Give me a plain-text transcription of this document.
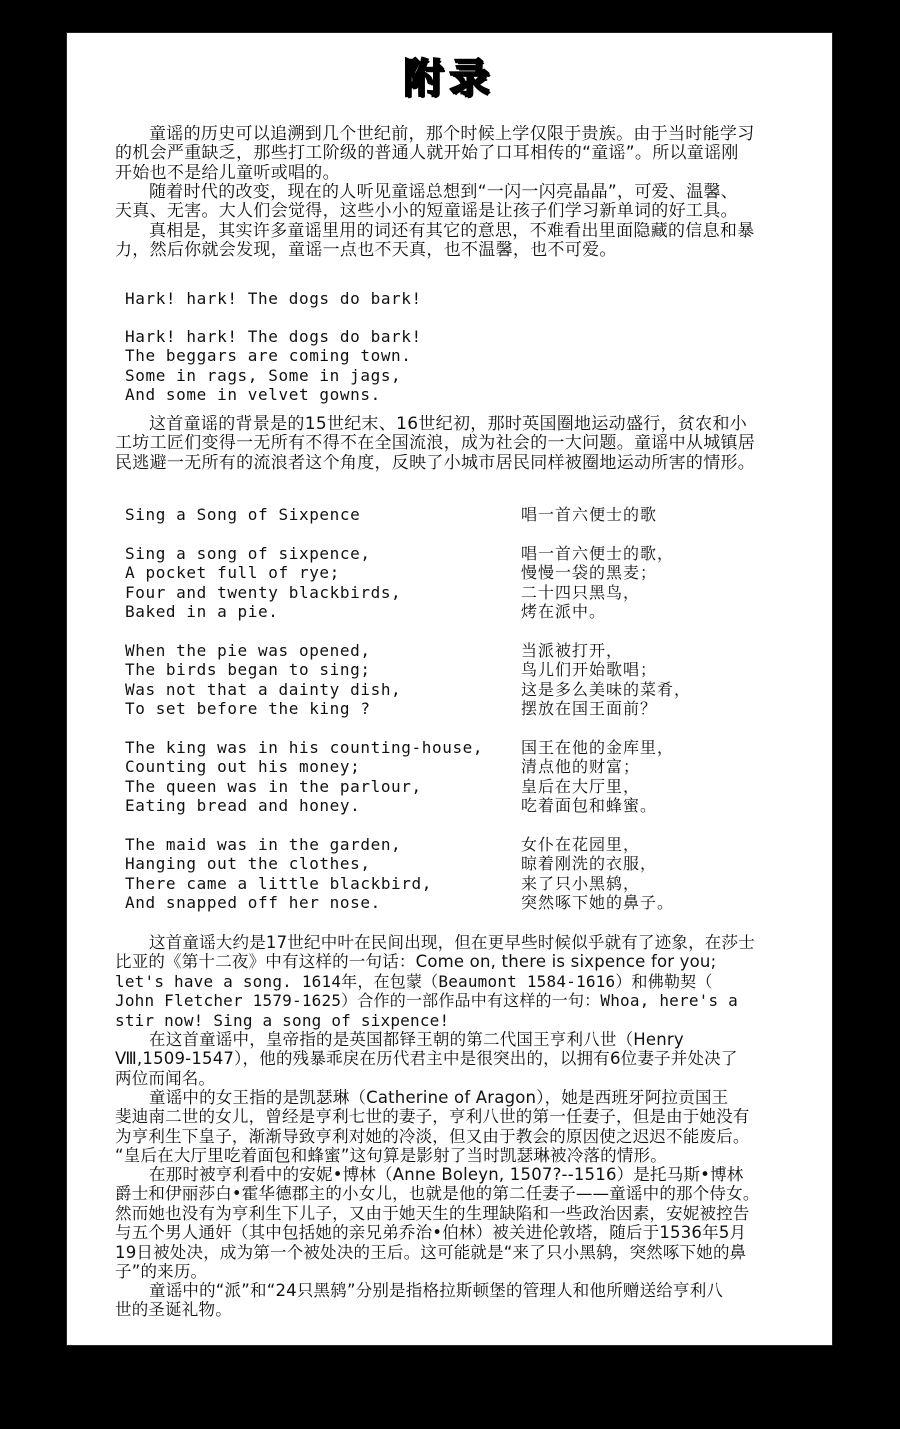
附录
童谣的历史可以追溯到几个世纪前，那个时候上学仅限于贵族。由于当时能学习
的机会严重缺乏，那些打工阶级的普通人就开始了口耳相传的“童谣”。所以童谣刚
开始也不是给儿童听或唱的。
随着时代的改变，现在的人听见童谣总想到“一闪一闪亮晶晶”，可爱、温馨、
天真、无害。大人们会觉得，这些小小的短童谣是让孩子们学习新单词的好工具。
真相是，其实许多童谣里用的词还有其它的意思，不难看出里面隐藏的信息和暴
力，然后你就会发现，童谣一点也不天真，也不温馨，也不可爱。
Hark! hark! The dogs do bark!
Hark! hark! The dogs do bark!
The beggars are coming town.
Some in rags, Some in jags,
And some in velvet gowns.
这首童谣的背景是的15世纪末、16世纪初，那时英国圈地运动盛行，贫农和小
工坊工匠们变得一无所有不得不在全国流浪，成为社会的一大问题。童谣中从城镇居
民逃避一无所有的流浪者这个角度，反映了小城市居民同样被圈地运动所害的情形。
Sing a Song of Sixpence	唱一首六便士的歌
Sing a song of sixpence,
A pocket full of rye;
Four and twenty blackbirds,
Baked in a pie.
唱一首六便士的歌，
慢慢一袋的黑麦；
二十四只黑鸟，
烤在派中。
When the pie was opened,
The birds began to sing;
Was not that a dainty dish,
To set before the king ?
当派被打开，
鸟儿们开始歌唱；
这是多么美味的菜肴，
摆放在国王面前？
The king was in his counting-house,
Counting out his money;
The queen was in the parlour,
Eating bread and honey.
国王在他的金库里，
清点他的财富；
皇后在大厅里，
吃着面包和蜂蜜。
The maid was in the garden,
Hanging out the clothes,
There came a little blackbird,
And snapped off her nose.
女仆在花园里，
晾着刚洗的衣服，
来了只小黑鸫，
突然啄下她的鼻子。
这首童谣大约是17世纪中叶在民间出现，但在更早些时候似乎就有了迹象，在莎士
比亚的《第十二夜》中有这样的一句话：Come on, there is sixpence for you;
let's have a song. 1614年，在包蒙（Beaumont 1584-1616）和佛勒契（
John Fletcher 1579-1625）合作的一部作品中有这样的一句：Whoa, here's a
stir now! Sing a song of sixpence!
在这首童谣中，皇帝指的是英国都铎王朝的第二代国王亨利八世（Henry
Ⅷ,1509-1547），他的残暴乖戾在历代君主中是很突出的，以拥有6位妻子并处决了
两位而闻名。
童谣中的女王指的是凯瑟琳（Catherine of Aragon），她是西班牙阿拉贡国王
斐迪南二世的女儿，曾经是亨利七世的妻子，亨利八世的第一任妻子，但是由于她没有
为亨利生下皇子，渐渐导致亨利对她的冷淡，但又由于教会的原因使之迟迟不能废后。
“皇后在大厅里吃着面包和蜂蜜”这句算是影射了当时凯瑟琳被冷落的情形。
在那时被亨利看中的安妮•博林（Anne Boleyn, 1507?--1516）是托马斯•博林
爵士和伊丽莎白•霍华德郡主的小女儿，也就是他的第二任妻子——童谣中的那个侍女。
然而她也没有为亨利生下儿子，又由于她天生的生理缺陷和一些政治因素，安妮被控告
与五个男人通奸（其中包括她的亲兄弟乔治•伯林）被关进伦敦塔，随后于1536年5月
19日被处决，成为第一个被处决的王后。这可能就是“来了只小黑鸫，突然啄下她的鼻
子”的来历。
童谣中的“派”和“24只黑鸫”分别是指格拉斯顿堡的管理人和他所赠送给亨利八
世的圣诞礼物。
